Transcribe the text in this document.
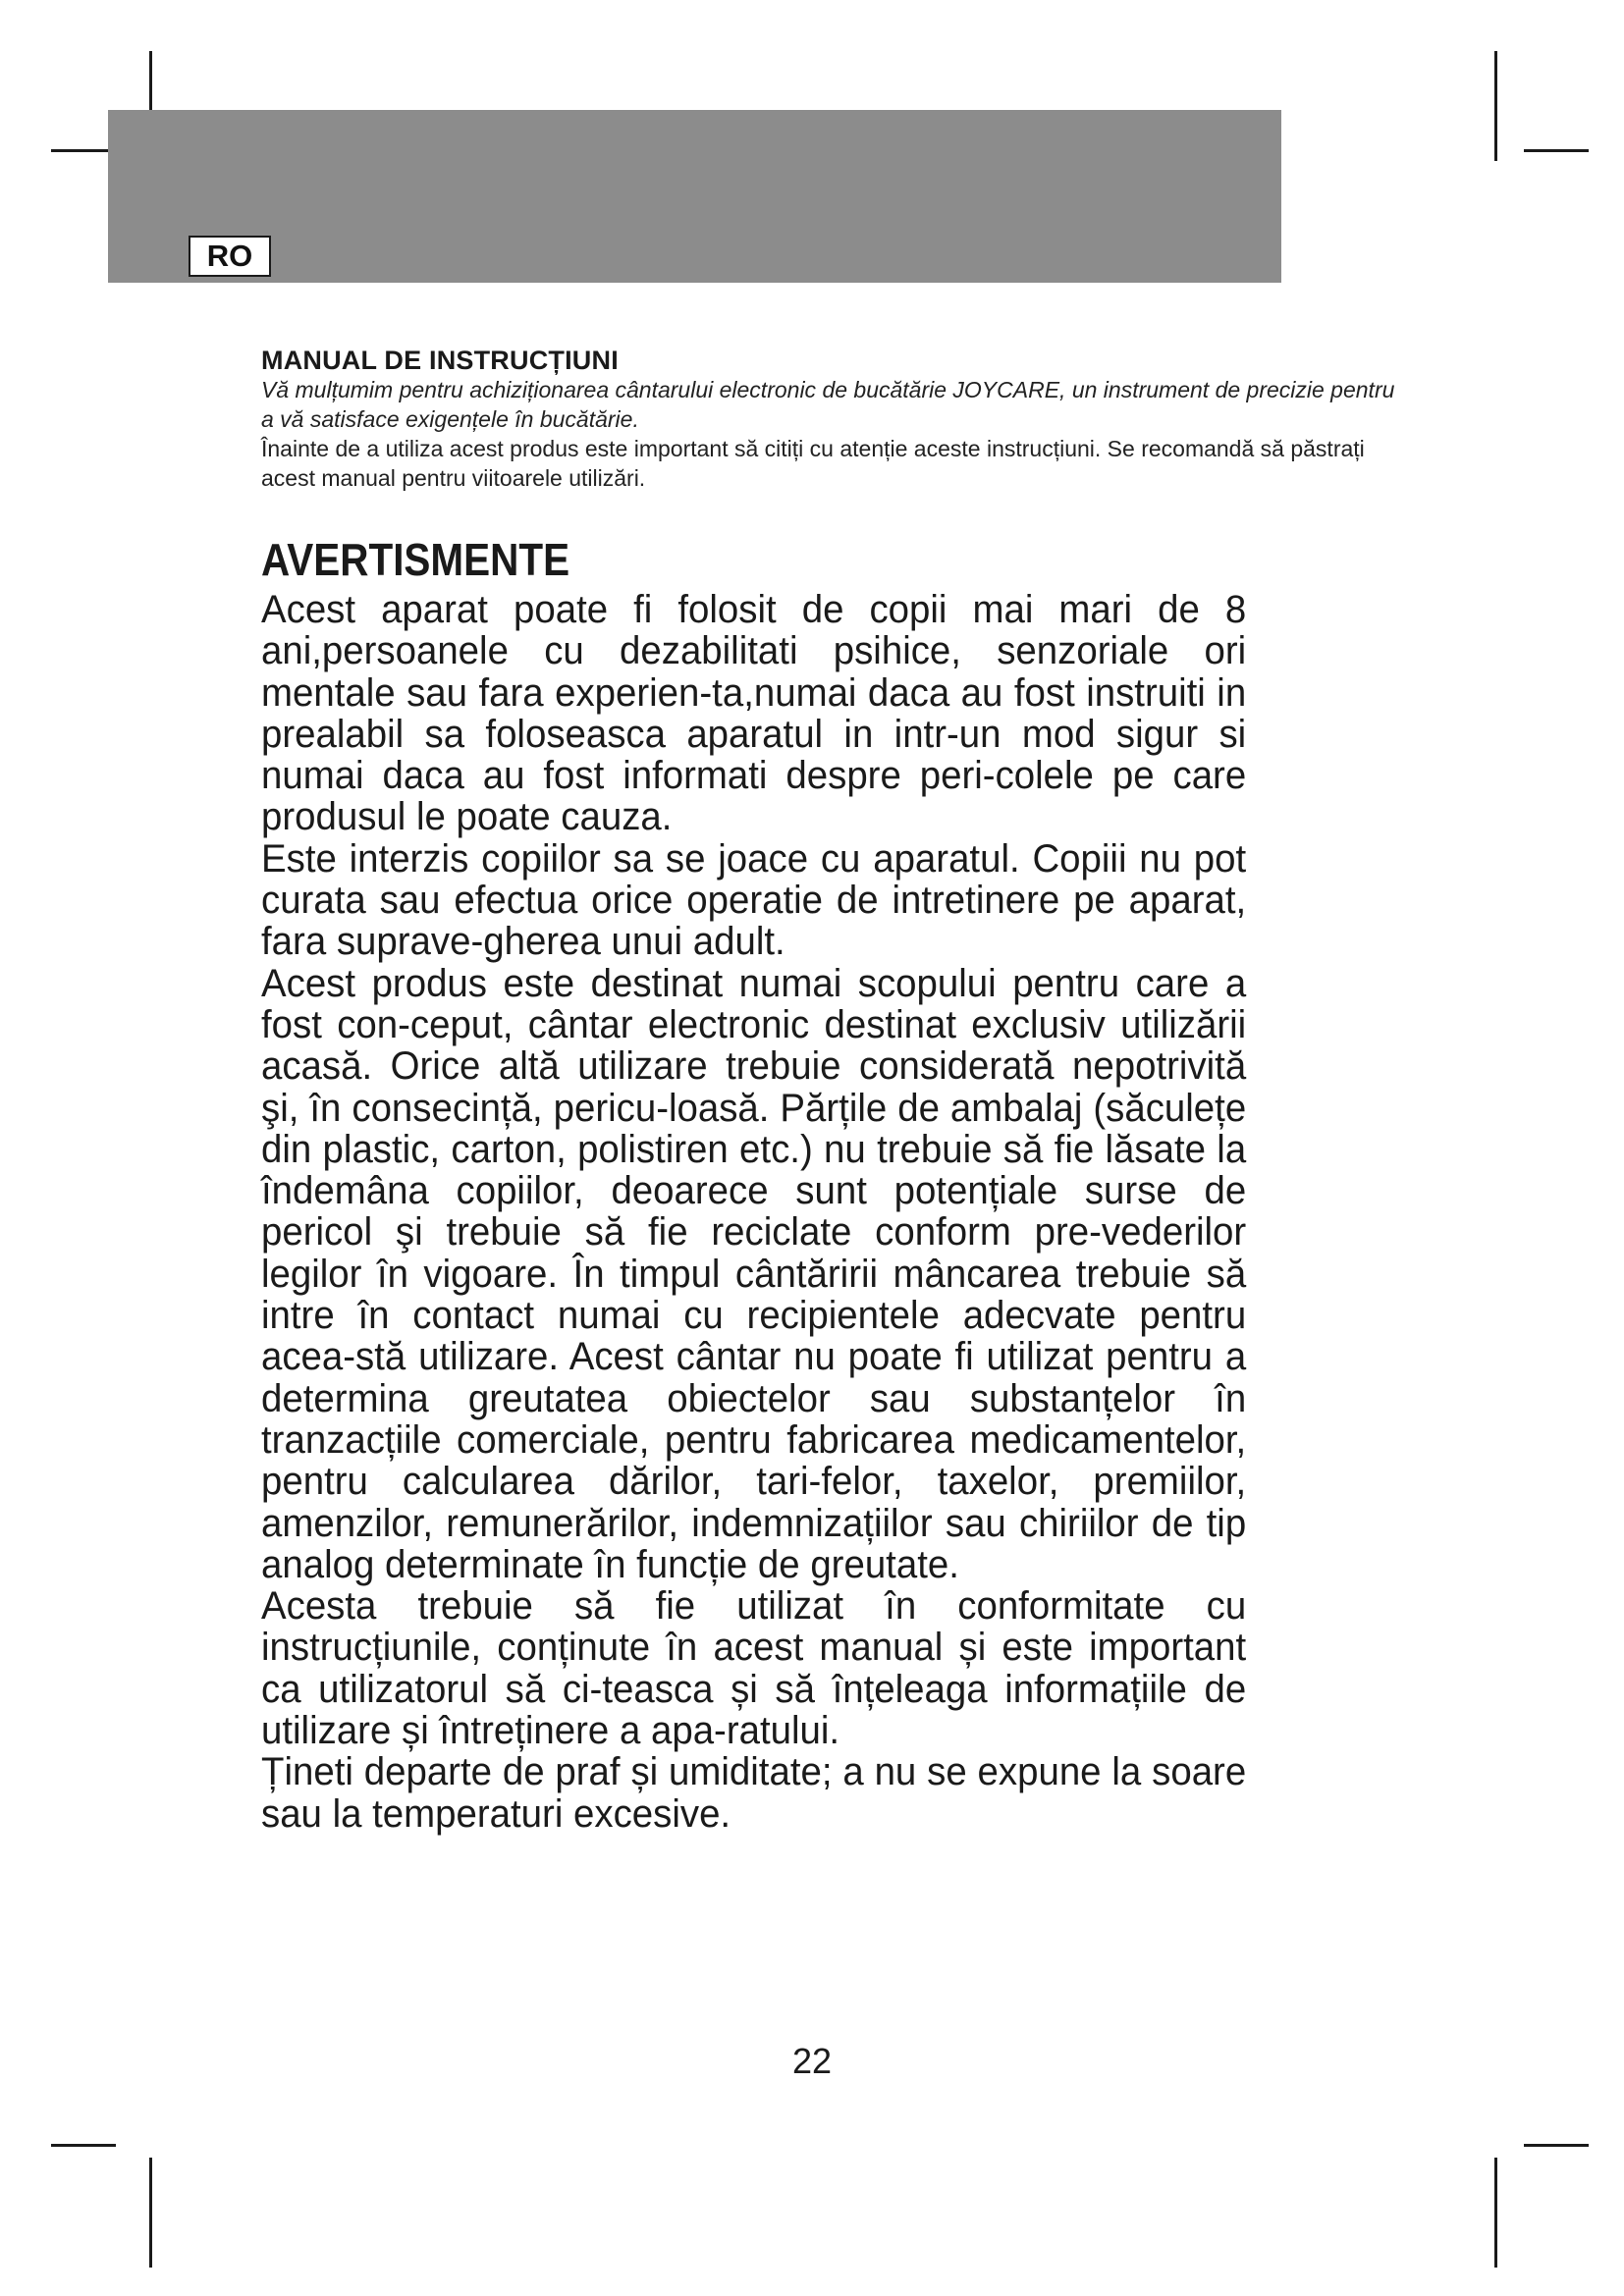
RO
MANUAL DE INSTRUCȚIUNI

Vă mulțumim pentru achiziționarea cântarului electronic de bucătărie JOYCARE, un instrument de precizie pentru a vă satisface exigențele în bucătărie.

Înainte de a utiliza acest produs este important să citiți cu atenție aceste instrucțiuni. Se recomandă să păstrați acest manual pentru viitoarele utilizări.

AVERTISMENTE

Acest aparat poate fi folosit de copii mai mari de 8 ani,persoanele cu dezabilitati psihice, senzoriale ori mentale sau fara experien-ta,numai daca au fost instruiti in prealabil sa foloseasca aparatul in intr-un mod sigur si numai daca au fost informati despre peri-colele pe care produsul le poate cauza.

Este interzis copiilor sa se joace cu aparatul. Copiii nu pot curata sau efectua orice operatie de intretinere pe aparat, fara suprave-gherea unui adult.

Acest produs este destinat numai scopului pentru care a fost con-ceput, cântar electronic destinat exclusiv utilizării acasă. Orice altă utilizare trebuie considerată nepotrivită şi, în consecință, pericu-loasă. Părțile de ambalaj (săculețe din plastic, carton, polistiren etc.) nu trebuie să fie lăsate la îndemâna copiilor, deoarece sunt potențiale surse de pericol şi trebuie să fie reciclate conform pre-vederilor legilor în vigoare. În timpul cântăririi mâncarea trebuie să intre în contact numai cu recipientele adecvate pentru acea-stă utilizare. Acest cântar nu poate fi utilizat pentru a determina greutatea obiectelor sau substanțelor în tranzacțiile comerciale, pentru fabricarea medicamentelor, pentru calcularea dărilor, tari-felor, taxelor, premiilor, amenzilor, remunerărilor, indemnizațiilor sau chiriilor de tip analog determinate în funcție de greutate.

Acesta trebuie să fie utilizat în conformitate cu instrucțiunile, conținute în acest manual și este important ca utilizatorul să ci-teasca și să înțeleaga informațiile de utilizare și întreținere a apa-ratului.

Țineti departe de praf și umiditate; a nu se expune la soare sau la temperaturi excesive.

22
